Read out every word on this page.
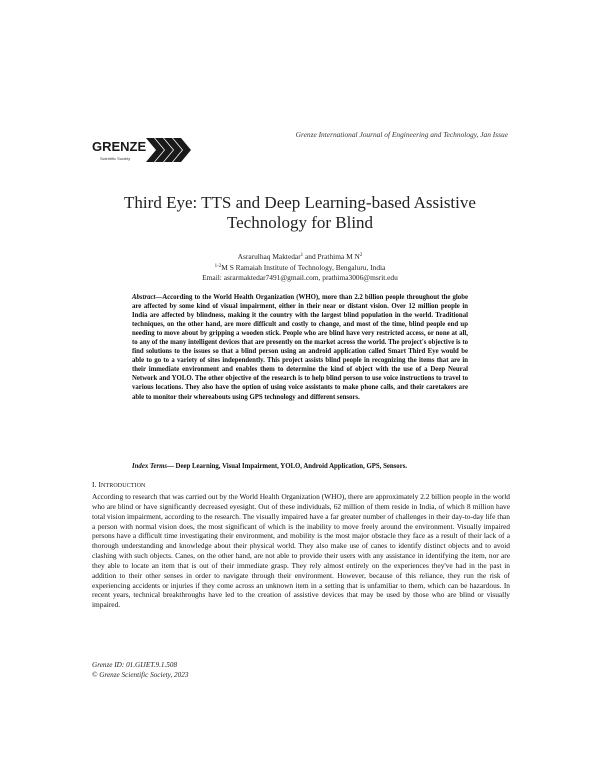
GRENZE
Scientific Society
Grenze International Journal of Engineering and Technology, Jan Issue
Third Eye: TTS and Deep Learning-based Assistive
Technology for Blind
Asrarulhaq Maktedar$^1$ and Prathima M $N^2$
$^{1-2}$M S Ramaiah Institute of Technology, Bengaluru, India
Email: asrarmaktedar7491@gmail.com, prathima3006@msrit.edu
Abstract—According to the World Health Organization (WHO), more than 2.2 billion people throughout the globe are affected by some kind of visual impairment, either in their near or distant vision. Over 12 million people in India are affected by blindness, making it the country with the largest blind population in the world. Traditional techniques, on the other hand, are more difficult and costly to change, and most of the time, blind people end up needing to move about by gripping a wooden stick. People who are blind have very restricted access, or none at all, to any of the many intelligent devices that are presently on the market across the world. The project's objective is to find solutions to the issues so that a blind person using an android application called Smart Third Eye would be able to go to a variety of sites independently. This project assists blind people in recognizing the items that are in their immediate environment and enables them to determine the kind of object with the use of a Deep Neural Network and YOLO. The other objective of the research is to help blind person to use voice instructions to travel to various locations. They also have the option of using voice assistants to make phone calls, and their caretakers are able to monitor their whereabouts using GPS technology and different sensors.
Index Terms— Deep Learning, Visual Impairment, YOLO, Android Application, GPS, Sensors.
I. INTRODUCTION
According to research that was carried out by the World Health Organization (WHO), there are approximately 2.2 billion people in the world who are blind or have significantly decreased eyesight. Out of these individuals, 62 million of them reside in India, of which 8 million have total vision impairment, according to the research. The visually impaired have a far greater number of challenges in their day-to-day life than a person with normal vision does, the most significant of which is the inability to move freely around the environment. Visually impaired persons have a difficult time investigating their environment, and mobility is the most major obstacle they face as a result of their lack of a thorough understanding and knowledge about their physical world. They also make use of canes to identify distinct objects and to avoid clashing with such objects. Canes, on the other hand, are not able to provide their users with any assistance in identifying the item, nor are they able to locate an item that is out of their immediate grasp. They rely almost entirely on the experiences they've had in the past in addition to their other senses in order to navigate through their environment. However, because of this reliance, they run the risk of experiencing accidents or injuries if they come across an unknown item in a setting that is unfamiliar to them, which can be hazardous. In recent years, technical breakthroughs have led to the creation of assistive devices that may be used by those who are blind or visually impaired.
Grenze ID: 01.GIJET.9.1.508
© Grenze Scientific Society, 2023
